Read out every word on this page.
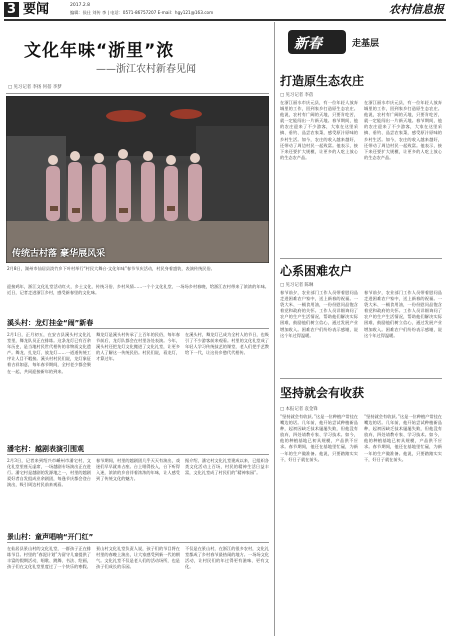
3 要闻	2017.2.8
编辑：侯仕 刘传 李 | 电话：0571-86757207 E-mail：hgy121@163.com	农村信息报
文化年味“浙里”浓
——浙江农村新春见闻
□ 见习记者 李扬 何蓓 李梦
传统古村落 豪华展风采
2月8日，湖州市仙居县淡竹乡下叶村举行“村民大舞台·文化年味”春节节庆活动，村民身着盛装，表演传统民俗。
迎接鸡年，浙江文化礼堂活动红火，乡土文化、传统习俗、乡村风情……一个个文化礼堂、一场场乡村春晚，给浙江农村带来了浓浓的年味。近日，记者走进浙江乡村，感受新春里的文化味。
溪头村：龙灯挂金“闹”新春
2月1日，正月初五，在安吉县溪头村文化礼堂里，舞龙队员正在排练。这条龙灯已有百余年历史，是当地村民世代相传的非物质文化遗产。舞龙、扎龙灯、放龙灯……一道道传统工序让人目不暇接。溪头村村民们说，龙灯象征着吉祥如意，每年春节期间，全村老少都会聚在一起，共同迎接新年的到来。
舞龙灯是溪头村传承了上百年的民俗，每年春节前后，龙灯队都会在村里各处表演。今年，溪头村还把龙灯文化搬进了文化礼堂，让更多的人了解这一传统民俗。村民们说，看龙灯，才算过年。
在溪头村，舞龙灯已成为全村人的节日，也吸引了不少游客前来观看。村里的文化礼堂成了年轻人学习传统技艺的课堂，老人们把手艺教给下一代，让这份乡愁代代相传。
潘宅村：越剧表演引围观
2月3日，记者来到绍兴市嵊州市潘宅村，文化礼堂里座无虚席，一场越剧专场演出正在进行。潘宅村是越剧的发源地之一，村里的越剧爱好者自发组成业余剧团，每逢节庆都会登台演出，吸引周边村民前来观看。
春节期间，村里的越剧团几乎天天有演出，戏迷们早早就来占座。台上唱得投入，台下听得入迷，浓浓的乡音伴着浓浓的年味，让人感受到了传统文化的魅力。
据介绍，潘宅村文化礼堂建成以来，已组织各类文化活动上百场，村民的精神生活日益丰富，文化礼堂成了村民们的“精神家园”。
景山村：童声唱响“开门红”
在仙居县景山村的文化礼堂，一群孩子正在排练节目。村里的“春泥计划”为留守儿童提供了丰富的假期活动，唱歌、跳舞、书法、绘画，孩子们在文化礼堂里度过了一个快乐的寒假。
景山村文化礼堂负责人说，孩子们的节目将在村里的春晚上演出，让大家感受到新一代的朝气。文化礼堂不仅是老人们的活动场所，也是孩子们成长的乐园。
不仅是在景山村，在浙江的很多农村，文化礼堂都成了乡村春节最热闹的地方。一场场文化活动，让村民们的年过得更有滋味、更有文化。
新春	走基层
打造原生态农庄
□ 见习记者 李蓓
在浙江丽水市庆元县，有一位年轻人放弃城里的工作，回到家乡打造原生态农庄。他说，农村有广阔的天地，只要肯吃苦，就一定能闯出一片新天地。春节期间，他的农庄迎来了不少游客，大家在这里采摘、垂钓、品尝农家菜，感受原汁原味的乡村生活。如今，农庄的收入越来越好，还带动了周边村民一起致富。他表示，接下来还要扩大规模，让更多的人吃上放心的生态农产品。
在浙江丽水市庆元县，有一位年轻人放弃城里的工作，回到家乡打造原生态农庄。他说，农村有广阔的天地，只要肯吃苦，就一定能闯出一片新天地。春节期间，他的农庄迎来了不少游客，大家在这里采摘、垂钓、品尝农家菜，感受原汁原味的乡村生活。如今，农庄的收入越来越好，还带动了周边村民一起致富。他表示，接下来还要扩大规模，让更多的人吃上放心的生态农产品。
心系困难农户
□ 见习记者 陈琳
春节前夕，农业部门工作人员带着慰问品走进困难农户家中，送上新春的祝福。一袋大米、一桶食用油，一份份慰问品饱含着党和政府的关怀。工作人员详细询问了农户的生产生活情况，帮助他们解决实际困难，鼓励他们树立信心，通过发展产业增加收入。困难农户们纷纷表示感谢，说这个年过得温暖。
春节前夕，农业部门工作人员带着慰问品走进困难农户家中，送上新春的祝福。一袋大米、一桶食用油，一份份慰问品饱含着党和政府的关怀。工作人员详细询问了农户的生产生活情况，帮助他们解决实际困难，鼓励他们树立信心，通过发展产业增加收入。困难农户们纷纷表示感谢，说这个年过得温暖。
坚持就会有收获
□ 本报记者 袁金锋
“坚持就会有收获。”这是一位种植户常挂在嘴边的话。几年前，他开始尝试种植新品种，起初因缺乏技术屡屡失败，但他没有放弃，四处请教专家、学习技术。如今，他的种植基地已初具规模，产品供不应求。春节期间，他还在基地里忙碌，为新一年的生产做准备。他说，只要踏踏实实干，好日子就在前头。
“坚持就会有收获。”这是一位种植户常挂在嘴边的话。几年前，他开始尝试种植新品种，起初因缺乏技术屡屡失败，但他没有放弃，四处请教专家、学习技术。如今，他的种植基地已初具规模，产品供不应求。春节期间，他还在基地里忙碌，为新一年的生产做准备。他说，只要踏踏实实干，好日子就在前头。
